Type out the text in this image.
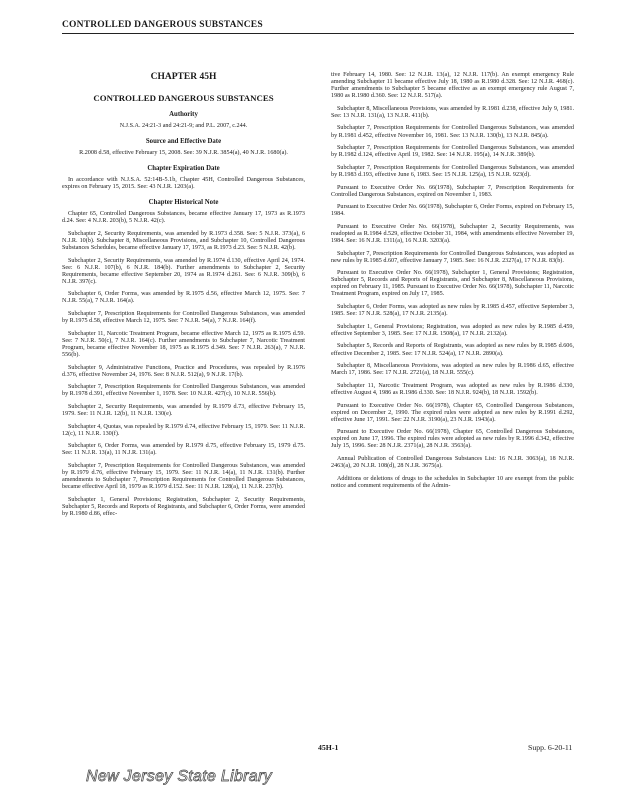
CONTROLLED DANGEROUS SUBSTANCES
CHAPTER 45H
CONTROLLED DANGEROUS SUBSTANCES
Authority

N.J.S.A. 24:21-3 and 24:21-9; and P.L. 2007, c.244.

Source and Effective Date

R.2008 d.58, effective February 15, 2008. See: 39 N.J.R. 3854(a), 40 N.J.R. 1680(a).

Chapter Expiration Date

In accordance with N.J.S.A. 52:14B-5.1b, Chapter 45H, Controlled Dangerous Substances, expires on February 15, 2015. See: 43 N.J.R. 1203(a).

Chapter Historical Note

Chapter 65, Controlled Dangerous Substances, became effective January 17, 1973 as R.1973 d.24. See: 4 N.J.R. 203(b), 5 N.J.R. 42(c).

Subchapter 2, Security Requirements, was amended by R.1973 d.358. See: 5 N.J.R. 373(a), 6 N.J.R. 10(b). Subchapter 8, Miscellaneous Provisions, and Subchapter 10, Controlled Dangerous Substances Schedules, became effective January 17, 1973, as R.1973 d.23. See: 5 N.J.R. 42(b).

Subchapter 2, Security Requirements, was amended by R.1974 d.130, effective April 24, 1974. See: 6 N.J.R. 107(b), 6 N.J.R. 184(b). Further amendments to Subchapter 2, Security Requirements, became effective September 20, 1974 as R.1974 d.261. See: 6 N.J.R. 309(b), 6 N.J.R. 397(c).

Subchapter 6, Order Forms, was amended by R.1975 d.56, effective March 12, 1975. See: 7 N.J.R. 55(a), 7 N.J.R. 164(a).

Subchapter 7, Prescription Requirements for Controlled Dangerous Substances, was amended by R.1975 d.58, effective March 12, 1975. See: 7 N.J.R. 54(a), 7 N.J.R. 164(f).

Subchapter 11, Narcotic Treatment Program, became effective March 12, 1975 as R.1975 d.59. See: 7 N.J.R. 50(c), 7 N.J.R. 164(c). Further amendments to Subchapter 7, Narcotic Treatment Program, became effective November 18, 1975 as R.1975 d.349. See: 7 N.J.R. 263(a), 7 N.J.R. 556(b).

Subchapter 9, Administrative Functions, Practice and Procedures, was repealed by R.1976 d.376, effective November 24, 1976. See: 8 N.J.R. 512(a), 9 N.J.R. 17(b).

Subchapter 7, Prescription Requirements for Controlled Dangerous Substances, was amended by R.1978 d.391, effective November 1, 1978. See: 10 N.J.R. 427(c), 10 N.J.R. 556(b).

Subchapter 2, Security Requirements, was amended by R.1979 d.73, effective February 15, 1979. See: 11 N.J.R. 12(b), 11 N.J.R. 130(e).

Subchapter 4, Quotas, was repealed by R.1979 d.74, effective February 15, 1979. See: 11 N.J.R. 12(c), 11 N.J.R. 130(f).

Subchapter 6, Order Forms, was amended by R.1979 d.75, effective February 15, 1979 d.75. See: 11 N.J.R. 13(a), 11 N.J.R. 131(a).

Subchapter 7, Prescription Requirements for Controlled Dangerous Substances, was amended by R.1979 d.76, effective February 15, 1979. See: 11 N.J.R. 14(a), 11 N.J.R. 131(b). Further amendments to Subchapter 7, Prescription Requirements for Controlled Dangerous Substances, became effective April 18, 1979 as R.1979 d.152. See: 11 N.J.R. 128(a), 11 N.J.R. 237(b).

Subchapter 1, General Provisions; Registration, Subchapter 2, Security Requirements, Subchapter 5, Records and Reports of Registrants, and Subchapter 6, Order Forms, were amended by R.1980 d.86, effec-

tive February 14, 1980. See: 12 N.J.R. 13(a), 12 N.J.R. 117(b). An exempt emergency Rule amending Subchapter 11 became effective July 18, 1980 as R.1980 d.328. See: 12 N.J.R. 468(c). Further amendments to Subchapter 5 became effective as an exempt emergency rule August 7, 1980 as R.1980 d.360. See: 12 N.J.R. 517(a).

Subchapter 8, Miscellaneous Provisions, was amended by R.1981 d.238, effective July 9, 1981. See: 13 N.J.R. 131(a), 13 N.J.R. 411(b).

Subchapter 7, Prescription Requirements for Controlled Dangerous Substances, was amended by R.1981 d.452, effective November 16, 1981. See: 13 N.J.R. 130(b), 13 N.J.R. 845(a).

Subchapter 7, Prescription Requirements for Controlled Dangerous Substances, was amended by R.1982 d.124, effective April 19, 1982. See: 14 N.J.R. 195(a), 14 N.J.R. 389(b).

Subchapter 7, Prescription Requirements for Controlled Dangerous Substances, was amended by R.1983 d.193, effective June 6, 1983. See: 15 N.J.R. 125(a), 15 N.J.R. 923(d).

Pursuant to Executive Order No. 66(1978), Subchapter 7, Prescription Requirements for Controlled Dangerous Substances, expired on November 1, 1983.

Pursuant to Executive Order No. 66(1978), Subchapter 6, Order Forms, expired on February 15, 1984.

Pursuant to Executive Order No. 66(1978), Subchapter 2, Security Requirements, was readopted as R.1984 d.529, effective October 31, 1984, with amendments effective November 19, 1984. See: 16 N.J.R. 1311(a), 16 N.J.R. 3203(a).

Subchapter 7, Prescription Requirements for Controlled Dangerous Substances, was adopted as new rules by R.1985 d.607, effective January 7, 1985. See: 16 N.J.R. 2327(a), 17 N.J.R. 83(b).

Pursuant to Executive Order No. 66(1978), Subchapter 1, General Provisions; Registration, Subchapter 5, Records and Reports of Registrants, and Subchapter 8, Miscellaneous Provisions, expired on February 11, 1985. Pursuant to Executive Order No. 66(1978), Subchapter 11, Narcotic Treatment Program, expired on July 17, 1985.

Subchapter 6, Order Forms, was adopted as new rules by R.1985 d.457, effective September 3, 1985. See: 17 N.J.R. 528(a), 17 N.J.R. 2135(a).

Subchapter 1, General Provisions; Registration, was adopted as new rules by R.1985 d.459, effective September 3, 1985. See: 17 N.J.R. 1508(a), 17 N.J.R. 2132(a).

Subchapter 5, Records and Reports of Registrants, was adopted as new rules by R.1985 d.606, effective December 2, 1985. See: 17 N.J.R. 524(a), 17 N.J.R. 2890(a).

Subchapter 8, Miscellaneous Provisions, was adopted as new rules by R.1986 d.65, effective March 17, 1986. See: 17 N.J.R. 2721(a), 18 N.J.R. 555(c).

Subchapter 11, Narcotic Treatment Program, was adopted as new rules by R.1986 d.330, effective August 4, 1986 as R.1986 d.330. See: 18 N.J.R. 924(b), 18 N.J.R. 1592(b).

Pursuant to Executive Order No. 66(1978), Chapter 65, Controlled Dangerous Substances, expired on December 2, 1990. The expired rules were adopted as new rules by R.1991 d.292, effective June 17, 1991. See: 22 N.J.R. 3190(a), 23 N.J.R. 1943(a).

Pursuant to Executive Order No. 66(1978), Chapter 65, Controlled Dangerous Substances, expired on June 17, 1996. The expired rules were adopted as new rules by R.1996 d.342, effective July 15, 1996. See: 28 N.J.R. 2371(a), 28 N.J.R. 3563(a).

Annual Publication of Controlled Dangerous Substances List: 16 N.J.R. 3063(a), 18 N.J.R. 2463(a), 20 N.J.R. 108(d), 28 N.J.R. 3675(a).

Additions or deletions of drugs to the schedules in Subchapter 10 are exempt from the public notice and comment requirements of the Admin-

45H-1	Supp. 6-20-11
New Jersey State Library
